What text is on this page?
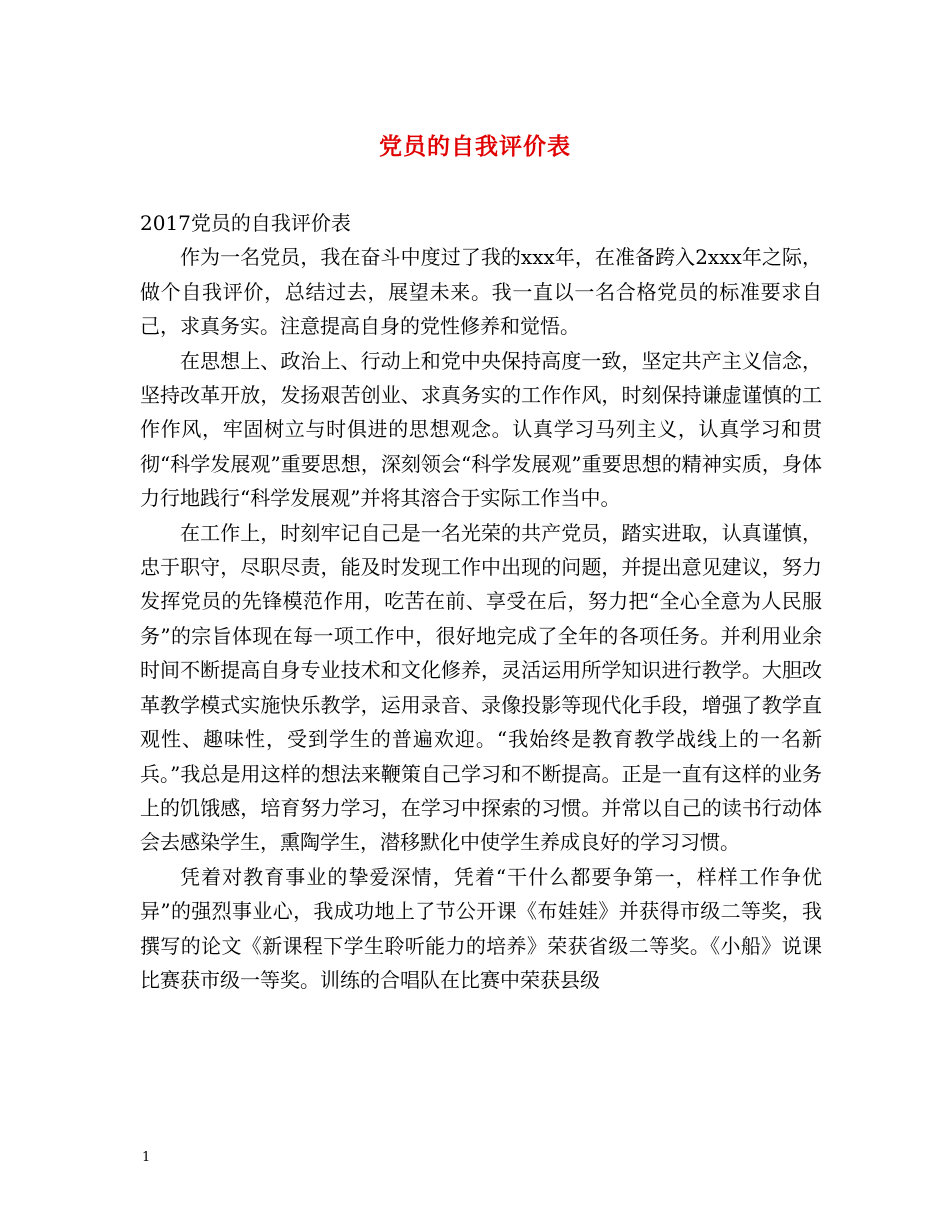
党员的自我评价表

2017党员的自我评价表

作为一名党员，我在奋斗中度过了我的xxx年，在准备跨入2xxx年之际，做个自我评价，总结过去，展望未来。我一直以一名合格党员的标准要求自己，求真务实。注意提高自身的党性修养和觉悟。

在思想上、政治上、行动上和党中央保持高度一致，坚定共产主义信念，坚持改革开放，发扬艰苦创业、求真务实的工作作风，时刻保持谦虚谨慎的工作作风，牢固树立与时俱进的思想观念。认真学习马列主义，认真学习和贯彻“科学发展观”重要思想，深刻领会“科学发展观”重要思想的精神实质，身体力行地践行“科学发展观”并将其溶合于实际工作当中。

在工作上，时刻牢记自己是一名光荣的共产党员，踏实进取，认真谨慎，忠于职守，尽职尽责，能及时发现工作中出现的问题，并提出意见建议，努力发挥党员的先锋模范作用，吃苦在前、享受在后，努力把“全心全意为人民服务”的宗旨体现在每一项工作中，很好地完成了全年的各项任务。并利用业余时间不断提高自身专业技术和文化修养，灵活运用所学知识进行教学。大胆改革教学模式实施快乐教学，运用录音、录像投影等现代化手段，增强了教学直观性、趣味性，受到学生的普遍欢迎。“我始终是教育教学战线上的一名新兵。”我总是用这样的想法来鞭策自己学习和不断提高。正是一直有这样的业务上的饥饿感，培育努力学习，在学习中探索的习惯。并常以自己的读书行动体会去感染学生，熏陶学生，潜移默化中使学生养成良好的学习习惯。

凭着对教育事业的挚爱深情，凭着“干什么都要争第一，样样工作争优异”的强烈事业心，我成功地上了节公开课《布娃娃》并获得市级二等奖，我撰写的论文《新课程下学生聆听能力的培养》荣获省级二等奖。《小船》说课比赛获市级一等奖。训练的合唱队在比赛中荣获县级

1
